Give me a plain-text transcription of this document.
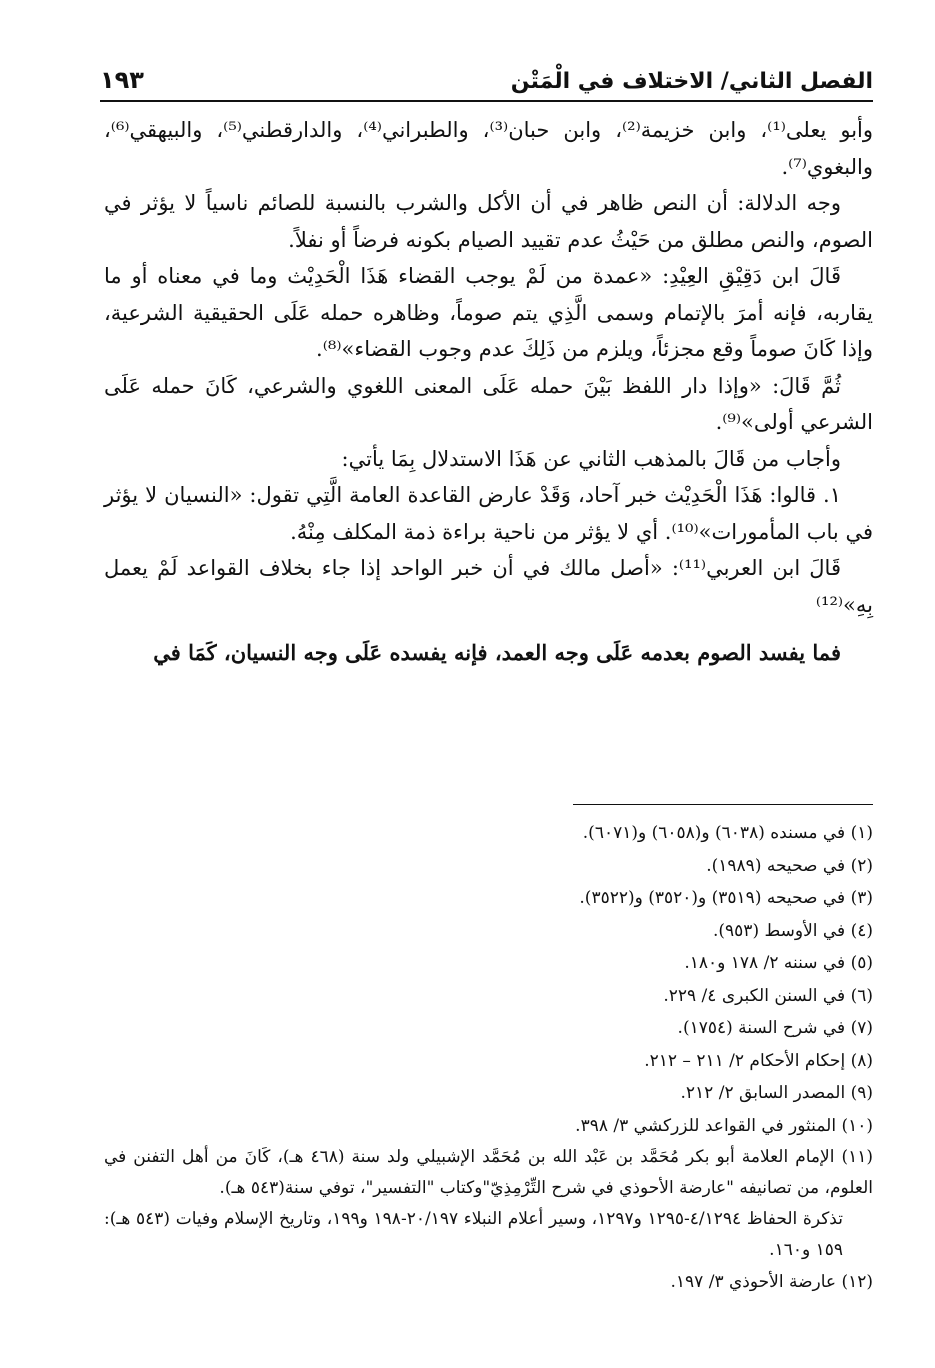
الفصل الثاني/ الاختلاف في الْمَتْن
١٩٣

وأبو يعلى⁽¹⁾، وابن خزيمة⁽²⁾، وابن حبان⁽³⁾، والطبراني⁽⁴⁾، والدارقطني⁽⁵⁾، والبيهقي⁽⁶⁾، والبغوي⁽⁷⁾.

وجه الدلالة: أن النص ظاهر في أن الأكل والشرب بالنسبة للصائم ناسياً لا يؤثر في الصوم، والنص مطلق من حَيْثُ عدم تقييد الصيام بكونه فرضاً أو نفلاً.

قَالَ ابن دَقِيْقِ العِيْدِ: «عمدة من لَمْ يوجب القضاء هَذَا الْحَدِيْث وما في معناه أو ما يقاربه، فإنه أمرَ بالإتمام وسمى الَّذِي يتم صوماً، وظاهره حمله عَلَى الحقيقية الشرعية، وإذا كَانَ صوماً وقع مجزئاً، ويلزم من ذَلِكَ عدم وجوب القضاء»⁽⁸⁾.

ثُمَّ قَالَ: «وإذا دار اللفظ بَيْنَ حمله عَلَى المعنى اللغوي والشرعي، كَانَ حمله عَلَى الشرعي أولى»⁽⁹⁾.

وأجاب من قَالَ بالمذهب الثاني عن هَذَا الاستدلال بِمَا يأتي:

١. قالوا: هَذَا الْحَدِيْث خبر آحاد، وَقَدْ عارض القاعدة العامة الَّتِي تقول: «النسيان لا يؤثر في باب المأمورات»⁽¹⁰⁾. أي لا يؤثر من ناحية براءة ذمة المكلف مِنْهُ.

قَالَ ابن العربي⁽¹¹⁾: «أصل مالك في أن خبر الواحد إذا جاء بخلاف القواعد لَمْ يعمل بِهِ»⁽¹²⁾

فما يفسد الصوم بعدمه عَلَى وجه العمد، فإنه يفسده عَلَى وجه النسيان، كَمَا في

(١) في مسنده (٦٠٣٨) و(٦٠٥٨) و(٦٠٧١).
(٢) في صحيحه (١٩٨٩).
(٣) في صحيحه (٣٥١٩) و(٣٥٢٠) و(٣٥٢٢).
(٤) في الأوسط (٩٥٣).
(٥) في سننه ٢/ ١٧٨ و١٨٠.
(٦) في السنن الكبرى ٤/ ٢٢٩.
(٧) في شرح السنة (١٧٥٤).
(٨) إحكام الأحكام ٢/ ٢١١ – ٢١٢.
(٩) المصدر السابق ٢/ ٢١٢.
(١٠) المنثور في القواعد للزركشي ٣/ ٣٩٨.
(١١) الإمام العلامة أبو بكر مُحَمَّد بن عَبْد الله بن مُحَمَّد الإشبيلي ولد سنة (٤٦٨ هـ)، كَانَ من أهل التفنن في العلوم، من تصانيفه "عارضة الأحوذي في شرح التِّرْمِذِيّ"وكتاب "التفسير"، توفي سنة(٥٤٣ هـ).
تذكرة الحفاظ ٤/١٢٩٤-١٢٩٥ و١٢٩٧، وسير أعلام النبلاء ٢٠/١٩٧-١٩٨ و١٩٩، وتاريخ الإسلام وفيات (٥٤٣ هـ): ١٥٩ و١٦٠.
(١٢) عارضة الأحوذي ٣/ ١٩٧.
